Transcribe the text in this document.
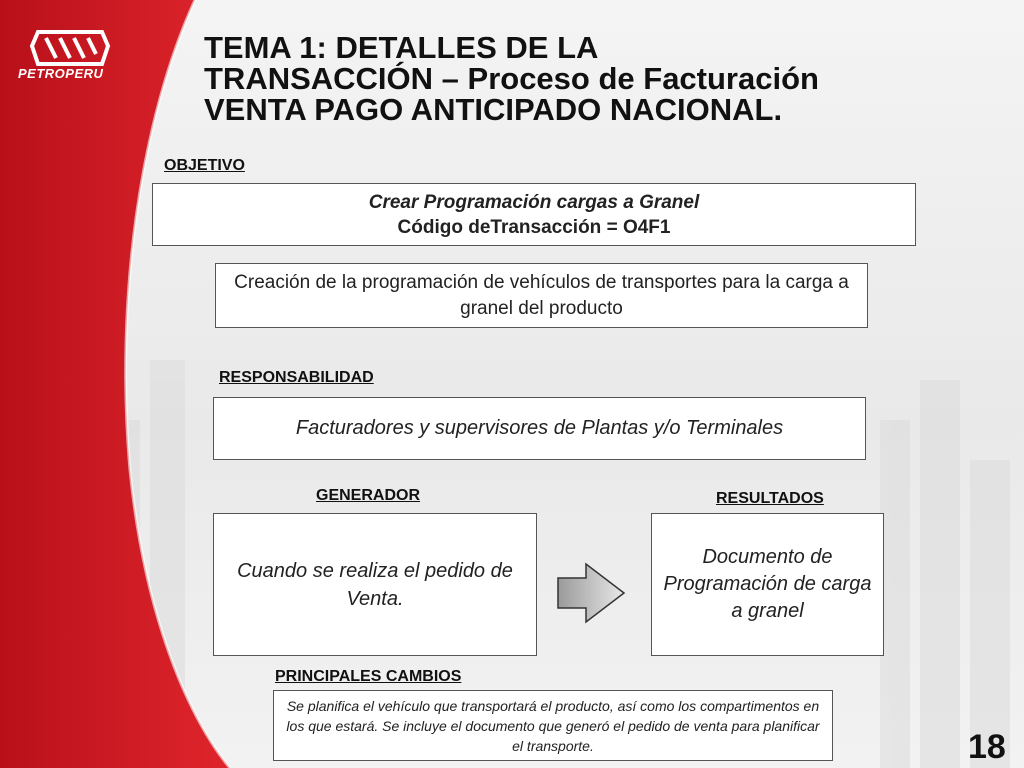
PETROPERU
TEMA 1: DETALLES DE LA
TRANSACCIÓN – Proceso de Facturación
VENTA PAGO ANTICIPADO NACIONAL.
OBJETIVO
Crear Programación cargas a Granel
Código deTransacción = O4F1
Creación de la programación de vehículos de transportes para la carga a granel del producto
RESPONSABILIDAD
Facturadores y supervisores de Plantas y/o Terminales
GENERADOR	RESULTADOS
Cuando se realiza el pedido de Venta.
Documento de Programación de carga a granel
PRINCIPALES CAMBIOS
Se planifica el vehículo que transportará el producto, así como los compartimentos en los que estará. Se incluye el documento que generó el pedido de venta para planificar el transporte.	18
